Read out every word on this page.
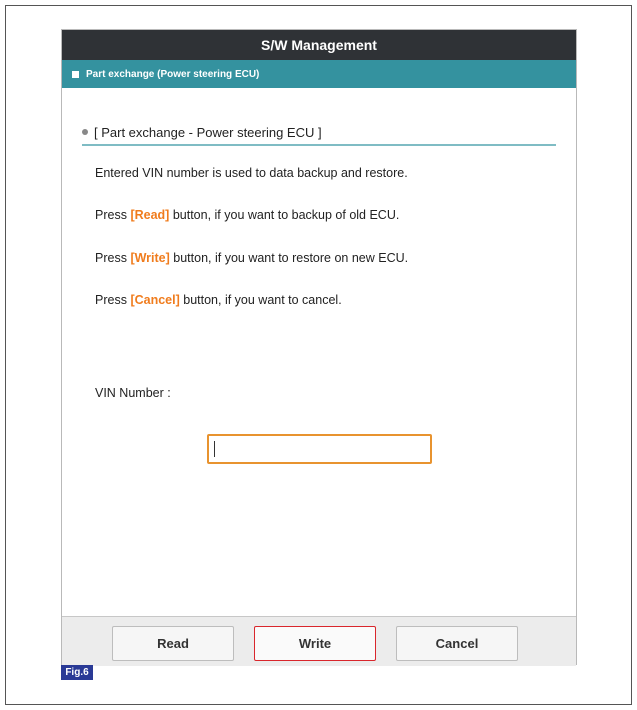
S/W Management
Part exchange (Power steering ECU)
[ Part exchange - Power steering ECU ]
Entered VIN number is used to data backup and restore.
Press [Read] button, if you want to backup of old ECU.
Press [Write] button, if you want to restore on new ECU.
Press [Cancel] button, if you want to cancel.
VIN Number :
Read	Write	Cancel
Fig.6
